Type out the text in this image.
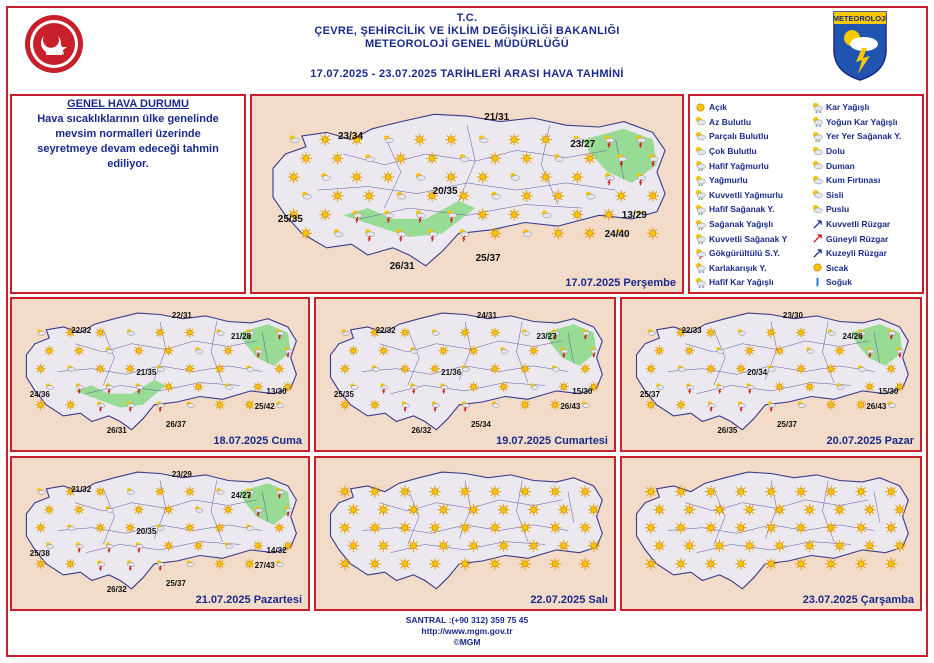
T.C.
ÇEVRE, ŞEHİRCİLİK VE İKLİM DEĞİŞİKLİĞİ BAKANLIĞI
METEOROLOJİ GENEL MÜDÜRLÜĞÜ
17.07.2025 - 23.07.2025 TARİHLERİ ARASI HAVA TAHMİNİ
METEOROLOJİ
GENEL HAVA DURUMU
Hava sıcaklıklarının ülke genelinde mevsim normalleri üzerinde seyretmeye devam edeceği tahmin ediliyor.
17.07.2025 Perşembe
23/34
21/31
23/27
20/35
13/29
25/35
24/40
26/31
25/37
Açık
Az Bulutlu
Parçalı Bulutlu
Çok Bulutlu
Hafif Yağmurlu
Yağmurlu
Kuvvetli Yağmurlu
Hafif Sağanak Y.
Sağanak Yağışlı
Kuvvetli Sağanak Y
Gökgürültülü S.Y.
Karlakarışık Y.
Hafif Kar Yağışlı
Kar Yağışlı
Yoğun Kar Yağışlı
Yer Yer Sağanak Y.
Dolu
Duman
Kum Fırtınası
Sisli
Puslu
Kuvvetli Rüzgar
Güneyli Rüzgar
Kuzeyli Rüzgar
Sıcak
Soğuk
18.07.2025 Cuma
22/32
22/31
21/28
21/35
13/30
24/36
25/42
26/31
26/37
19.07.2025 Cumartesi
22/32
24/31
23/27
21/36
15/30
25/35
26/43
26/32
25/34
20.07.2025 Pazar
22/33
23/30
24/26
20/34
15/30
25/37
26/43
26/35
25/37
21.07.2025 Pazartesi
21/32
23/29
24/27
20/35
14/32
25/38
27/43
26/32
25/37
22.07.2025 Salı	23.07.2025 Çarşamba
SANTRAL :(+90 312) 359 75 45
http://www.mgm.gov.tr
©MGM
